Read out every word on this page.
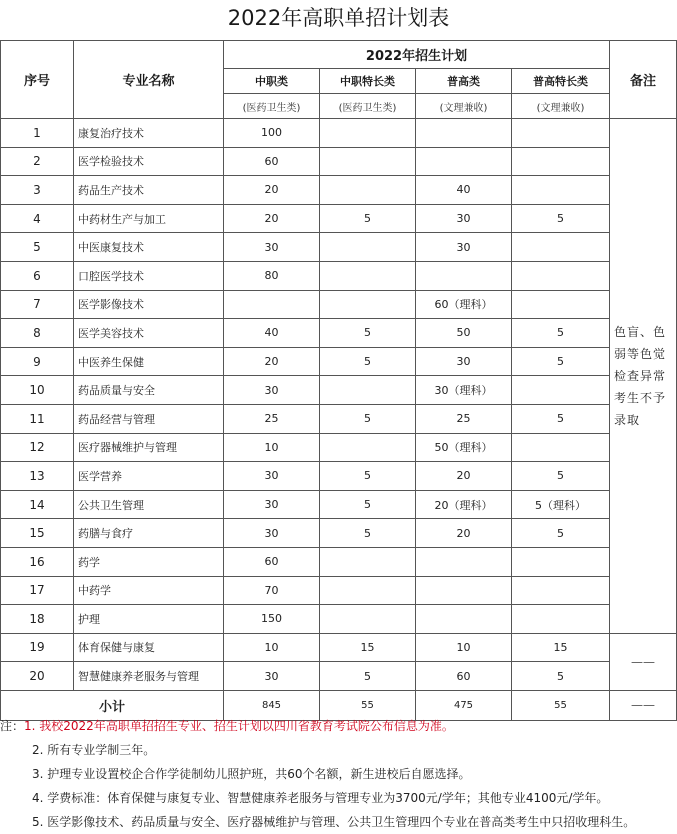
2022年高职单招计划表
序号	专业名称	2022年招生计划				备注
		中职类	中职特长类	普高类	普高特长类	
		(医药卫生类)	(医药卫生类)	(文理兼收)	(文理兼收)	
1	康复治疗技术	100				色盲、色弱等色觉检查异常考生不予录取
2	医学检验技术	60				
3	药品生产技术	20		40		
4	中药材生产与加工	20	5	30	5	
5	中医康复技术	30		30		
6	口腔医学技术	80				
7	医学影像技术			60（理科）		
8	医学美容技术	40	5	50	5	
9	中医养生保健	20	5	30	5	
10	药品质量与安全	30		30（理科）		
11	药品经营与管理	25	5	25	5	
12	医疗器械维护与管理	10		50（理科）		
13	医学营养	30	5	20	5	
14	公共卫生管理	30	5	20（理科）	5（理科）	
15	药膳与食疗	30	5	20	5	
16	药学	60				
17	中药学	70				
18	护理	150				
19	体育保健与康复	10	15	10	15	——
20	智慧健康养老服务与管理	30	5	60	5	
小计		845	55	475	55	——
注：1. 我校2022年高职单招招生专业、招生计划以四川省教育考试院公布信息为准。
2. 所有专业学制三年。
3. 护理专业设置校企合作学徒制幼儿照护班，共60个名额，新生进校后自愿选择。
4. 学费标准：体育保健与康复专业、智慧健康养老服务与管理专业为3700元/学年；其他专业4100元/学年。
5. 医学影像技术、药品质量与安全、医疗器械维护与管理、公共卫生管理四个专业在普高类考生中只招收理科生。
